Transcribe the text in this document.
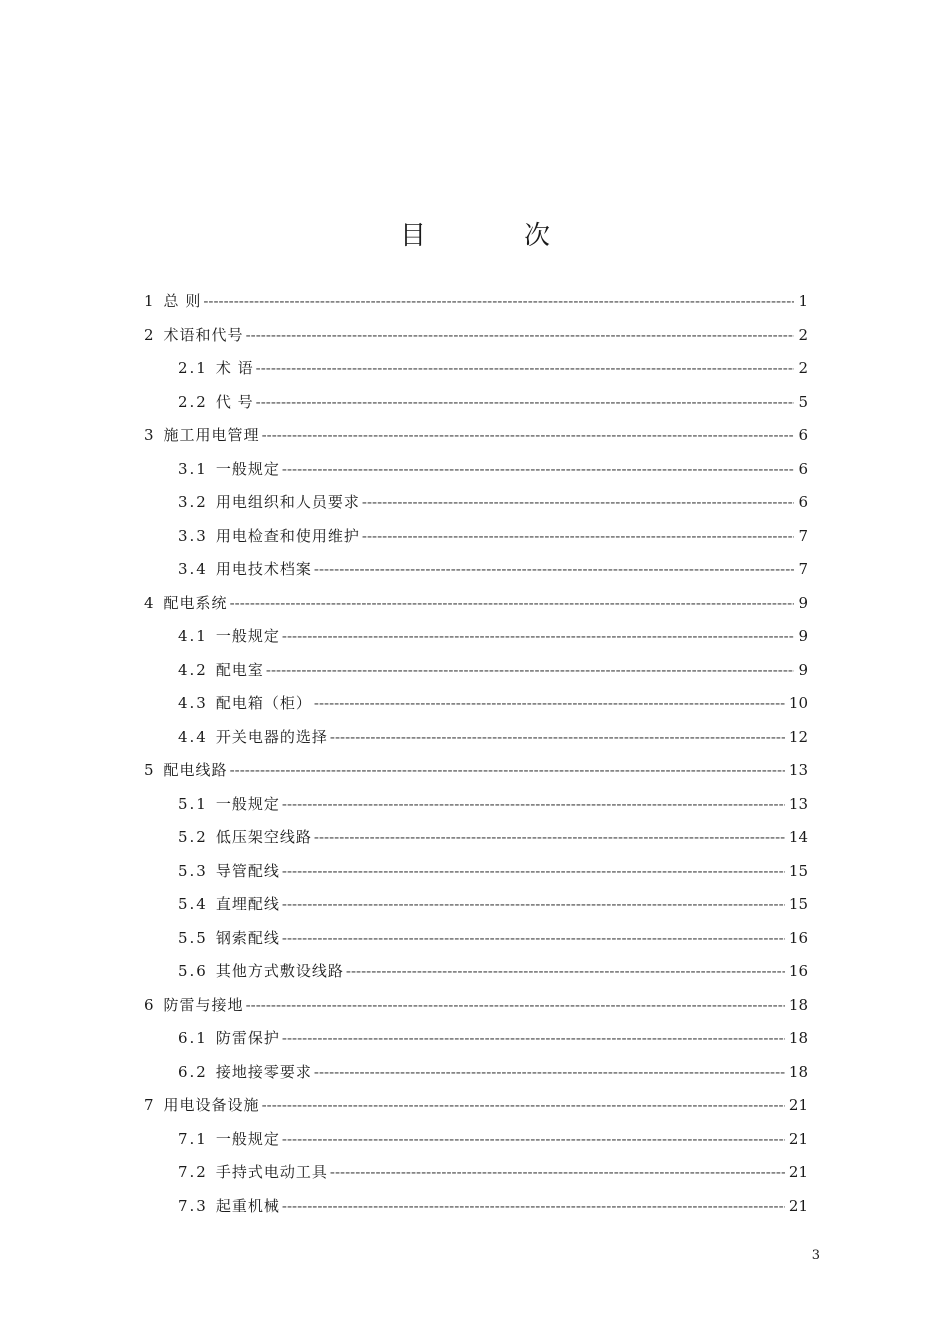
目　次
1 总 则 -----	1
2 术语和代号 -----	2
2.1 术 语 -----	2
2.2 代 号 -----	5
3 施工用电管理 -----	6
3.1 一般规定 -----	6
3.2 用电组织和人员要求 -----	6
3.3 用电检查和使用维护 -----	7
3.4 用电技术档案 -----	7
4 配电系统 -----	9
4.1 一般规定 -----	9
4.2 配电室 -----	9
4.3 配电箱（柜） -----	10
4.4 开关电器的选择 -----	12
5 配电线路 -----	13
5.1 一般规定 -----	13
5.2 低压架空线路 -----	14
5.3 导管配线 -----	15
5.4 直埋配线 -----	15
5.5 钢索配线 -----	16
5.6 其他方式敷设线路 -----	16
6 防雷与接地 -----	18
6.1 防雷保护 -----	18
6.2 接地接零要求 -----	18
7 用电设备设施 -----	21
7.1 一般规定 -----	21
7.2 手持式电动工具 -----	21
7.3 起重机械 -----	21
3
